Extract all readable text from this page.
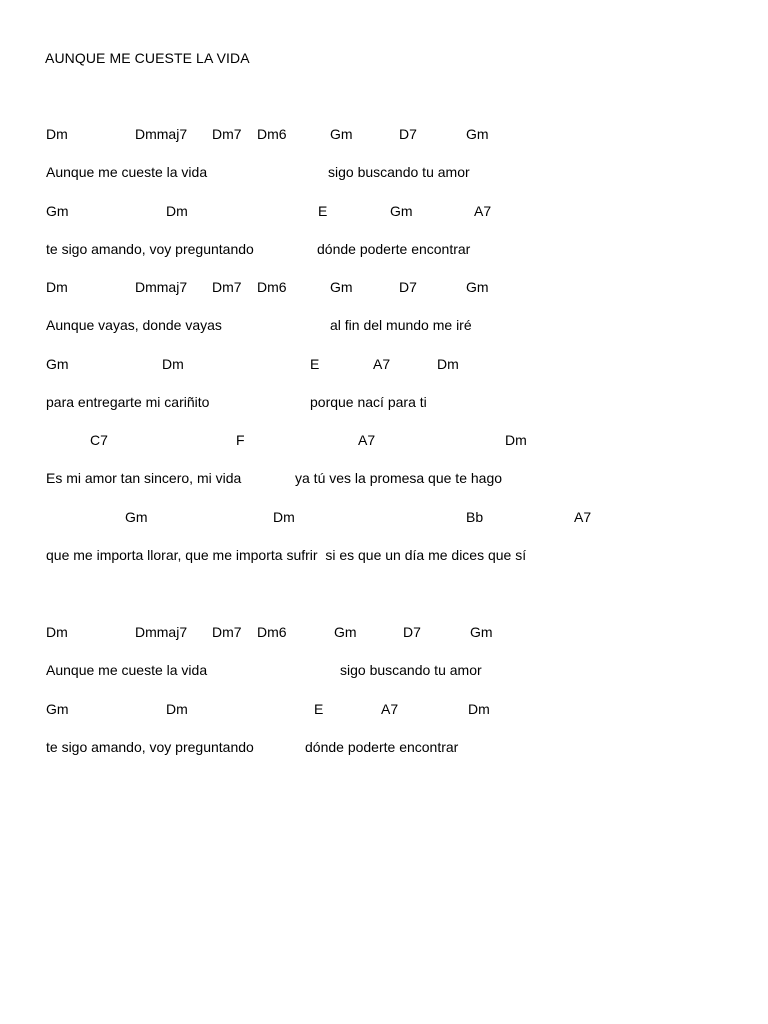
AUNQUE ME CUESTE LA VIDA
Dm	Dmmaj7 Dm7 Dm6	Gm	D7	Gm
Aunque me cueste la vida	sigo buscando tu amor
Gm	Dm	E	Gm	A7
te sigo amando, voy preguntando	dónde poderte encontrar
Dm	Dmmaj7 Dm7 Dm6	Gm	D7	Gm
Aunque vayas, donde vayas	al fin del mundo me iré
Gm	Dm	E	A7	Dm
para entregarte mi cariñito	porque nací para ti
C7	F	A7	Dm
Es mi amor tan sincero, mi vida	ya tú ves la promesa que te hago
Gm	Dm	Bb	A7
que me importa llorar, que me importa sufrir  si es que un día me dices que sí
Dm	Dmmaj7 Dm7 Dm6	Gm	D7	Gm
Aunque me cueste la vida	sigo buscando tu amor
Gm	Dm	E	A7	Dm
te sigo amando, voy preguntando	dónde poderte encontrar
